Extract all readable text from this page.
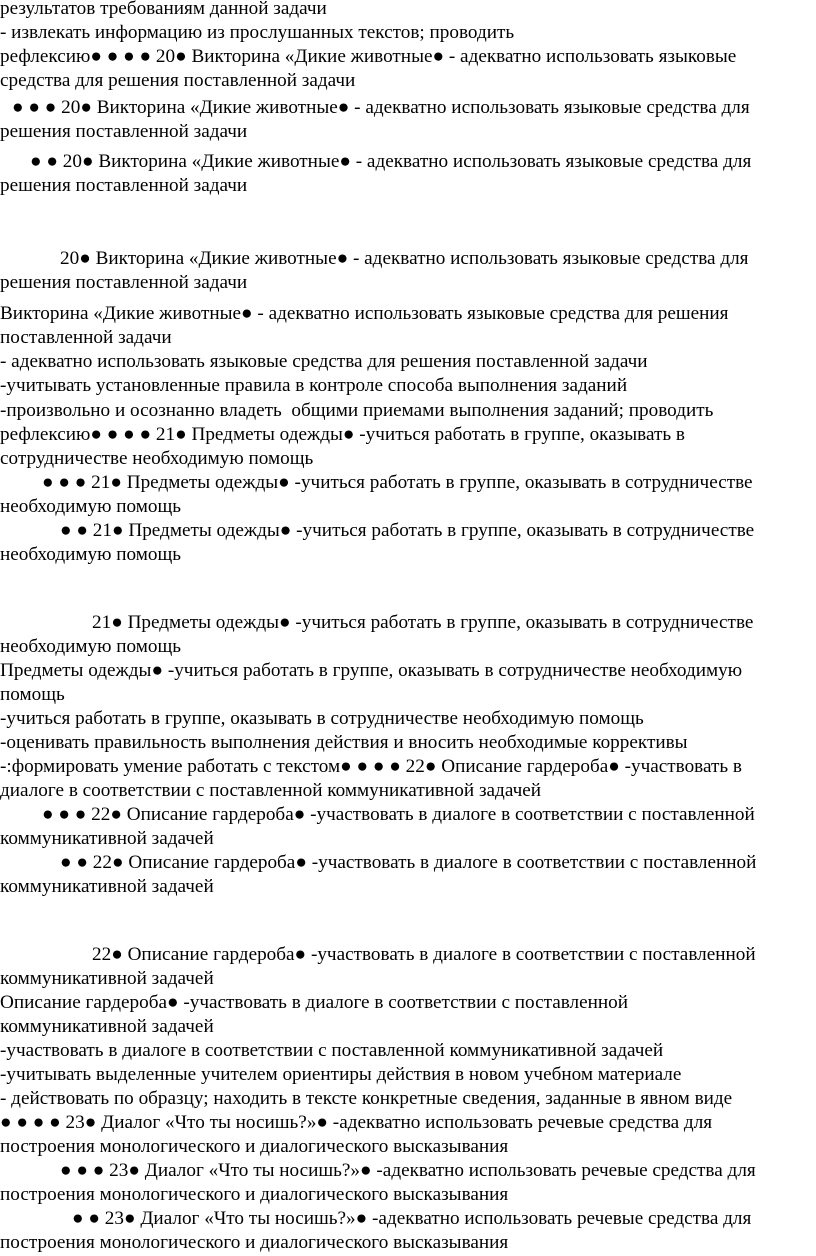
результатов требованиям данной задачи
- извлекать информацию из прослушанных текстов; проводить
рефлексию● ● ● ● 20● Викторина «Дикие животные● - адекватно использовать языковые
средства для решения поставленной задачи
● ● ● 20● Викторина «Дикие животные● - адекватно использовать языковые средства для
решения поставленной задачи
● ● 20● Викторина «Дикие животные● - адекватно использовать языковые средства для
решения поставленной задачи
20● Викторина «Дикие животные● - адекватно использовать языковые средства для
решения поставленной задачи
Викторина «Дикие животные● - адекватно использовать языковые средства для решения
поставленной задачи
- адекватно использовать языковые средства для решения поставленной задачи
-учитывать установленные правила в контроле способа выполнения заданий
-произвольно и осознанно владеть  общими приемами выполнения заданий; проводить
рефлексию● ● ● ● 21● Предметы одежды● -учиться работать в группе, оказывать в
сотрудничестве необходимую помощь
● ● ● 21● Предметы одежды● -учиться работать в группе, оказывать в сотрудничестве
необходимую помощь
● ● 21● Предметы одежды● -учиться работать в группе, оказывать в сотрудничестве
необходимую помощь
21● Предметы одежды● -учиться работать в группе, оказывать в сотрудничестве
необходимую помощь
Предметы одежды● -учиться работать в группе, оказывать в сотрудничестве необходимую
помощь
-учиться работать в группе, оказывать в сотрудничестве необходимую помощь
-оценивать правильность выполнения действия и вносить необходимые коррективы
-:формировать умение работать с текстом● ● ● ● 22● Описание гардероба● -участвовать в
диалоге в соответствии с поставленной коммуникативной задачей
● ● ● 22● Описание гардероба● -участвовать в диалоге в соответствии с поставленной
коммуникативной задачей
● ● 22● Описание гардероба● -участвовать в диалоге в соответствии с поставленной
коммуникативной задачей
22● Описание гардероба● -участвовать в диалоге в соответствии с поставленной
коммуникативной задачей
Описание гардероба● -участвовать в диалоге в соответствии с поставленной
коммуникативной задачей
-участвовать в диалоге в соответствии с поставленной коммуникативной задачей
-учитывать выделенные учителем ориентиры действия в новом учебном материале
- действовать по образцу; находить в тексте конкретные сведения, заданные в явном виде
● ● ● ● 23● Диалог «Что ты носишь?»● -адекватно использовать речевые средства для
построения монологического и диалогического высказывания
● ● ● 23● Диалог «Что ты носишь?»● -адекватно использовать речевые средства для
построения монологического и диалогического высказывания
● ● 23● Диалог «Что ты носишь?»● -адекватно использовать речевые средства для
построения монологического и диалогического высказывания
